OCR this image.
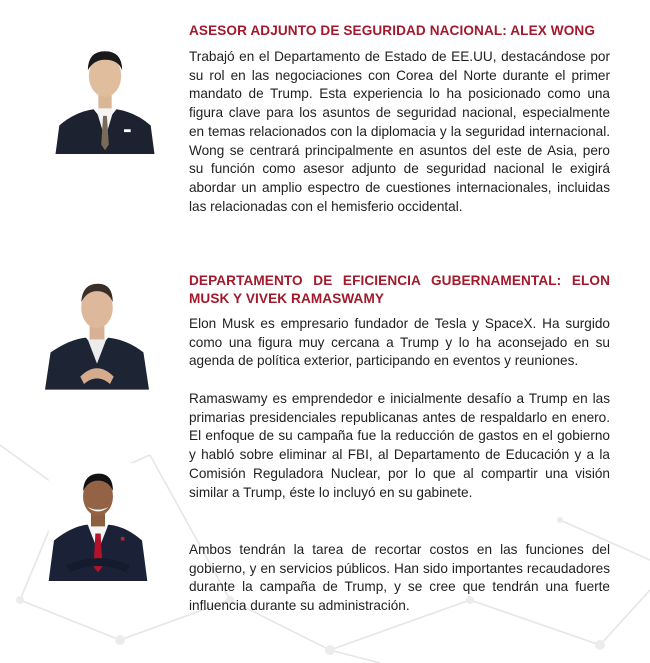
ASESOR ADJUNTO DE SEGURIDAD NACIONAL: ALEX WONG

Trabajó en el Departamento de Estado de EE.UU, destacándose por su rol en las negociaciones con Corea del Norte durante el primer mandato de Trump. Esta experiencia lo ha posicionado como una figura clave para los asuntos de seguridad nacional, especialmente en temas relacionados con la diplomacia y la seguridad internacional. Wong se centrará principalmente en asuntos del este de Asia, pero su función como asesor adjunto de seguridad nacional le exigirá abordar un amplio espectro de cuestiones internacionales, incluidas las relacionadas con el hemisferio occidental.

DEPARTAMENTO DE EFICIENCIA GUBERNAMENTAL: ELON MUSK Y VIVEK RAMASWAMY

Elon Musk es empresario fundador de Tesla y SpaceX. Ha surgido como una figura muy cercana a Trump y lo ha aconsejado en su agenda de política exterior, participando en eventos y reuniones.

Ramaswamy es emprendedor e inicialmente desafío a Trump en las primarias presidenciales republicanas antes de respaldarlo en enero. El enfoque de su campaña fue la reducción de gastos en el gobierno y habló sobre eliminar al FBI, al Departamento de Educación y a la Comisión Reguladora Nuclear, por lo que al compartir una visión similar a Trump, éste lo incluyó en su gabinete.

Ambos tendrán la tarea de recortar costos en las funciones del gobierno, y en servicios públicos. Han sido importantes recaudadores durante la campaña de Trump, y se cree que tendrán una fuerte influencia durante su administración.
